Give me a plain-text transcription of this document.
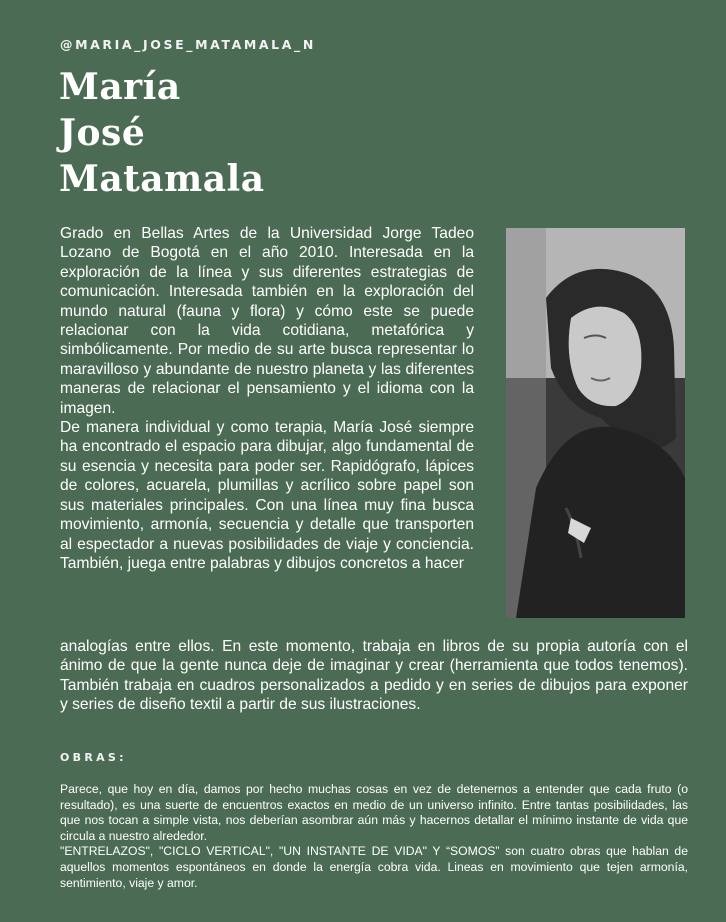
@MARIA_JOSE_MATAMALA_N
María
José
Matamala

Grado en Bellas Artes de la Universidad Jorge Tadeo Lozano de Bogotá en el año 2010. Interesada en la exploración de la línea y sus diferentes estrategias de comunicación. Interesada también en la exploración del mundo natural (fauna y flora) y cómo este se puede relacionar con la vida cotidiana, metafórica y simbólicamente. Por medio de su arte busca representar lo maravilloso y abundante de nuestro planeta y las diferentes maneras de relacionar el pensamiento y el idioma con la imagen.

De manera individual y como terapia, María José siempre ha encontrado el espacio para dibujar, algo fundamental de su esencia y necesita para poder ser. Rapidógrafo, lápices de colores, acuarela, plumillas y acrílico sobre papel son sus materiales principales. Con una línea muy fina busca movimiento, armonía, secuencia y detalle que transporten al espectador a nuevas posibilidades de viaje y conciencia. También, juega entre palabras y dibujos concretos a hacer

analogías entre ellos. En este momento, trabaja en libros de su propia autoría con el ánimo de que la gente nunca deje de imaginar y crear (herramienta que todos tenemos). También trabaja en cuadros personalizados a pedido y en series de dibujos para exponer y series de diseño textil a partir de sus ilustraciones.

OBRAS:

Parece, que hoy en día, damos por hecho muchas cosas en vez de detenernos a entender que cada fruto (o resultado), es una suerte de encuentros exactos en medio de un universo infinito. Entre tantas posibilidades, las que nos tocan a simple vista, nos deberían asombrar aún más y hacernos detallar el mínimo instante de vida que circula a nuestro alrededor.

"ENTRELAZOS", "CICLO VERTICAL", "UN INSTANTE DE VIDA" Y “SOMOS” son cuatro obras que hablan de aquellos momentos espontáneos en donde la energía cobra vida. Lineas en movimiento que tejen armonía, sentimiento, viaje y amor.
